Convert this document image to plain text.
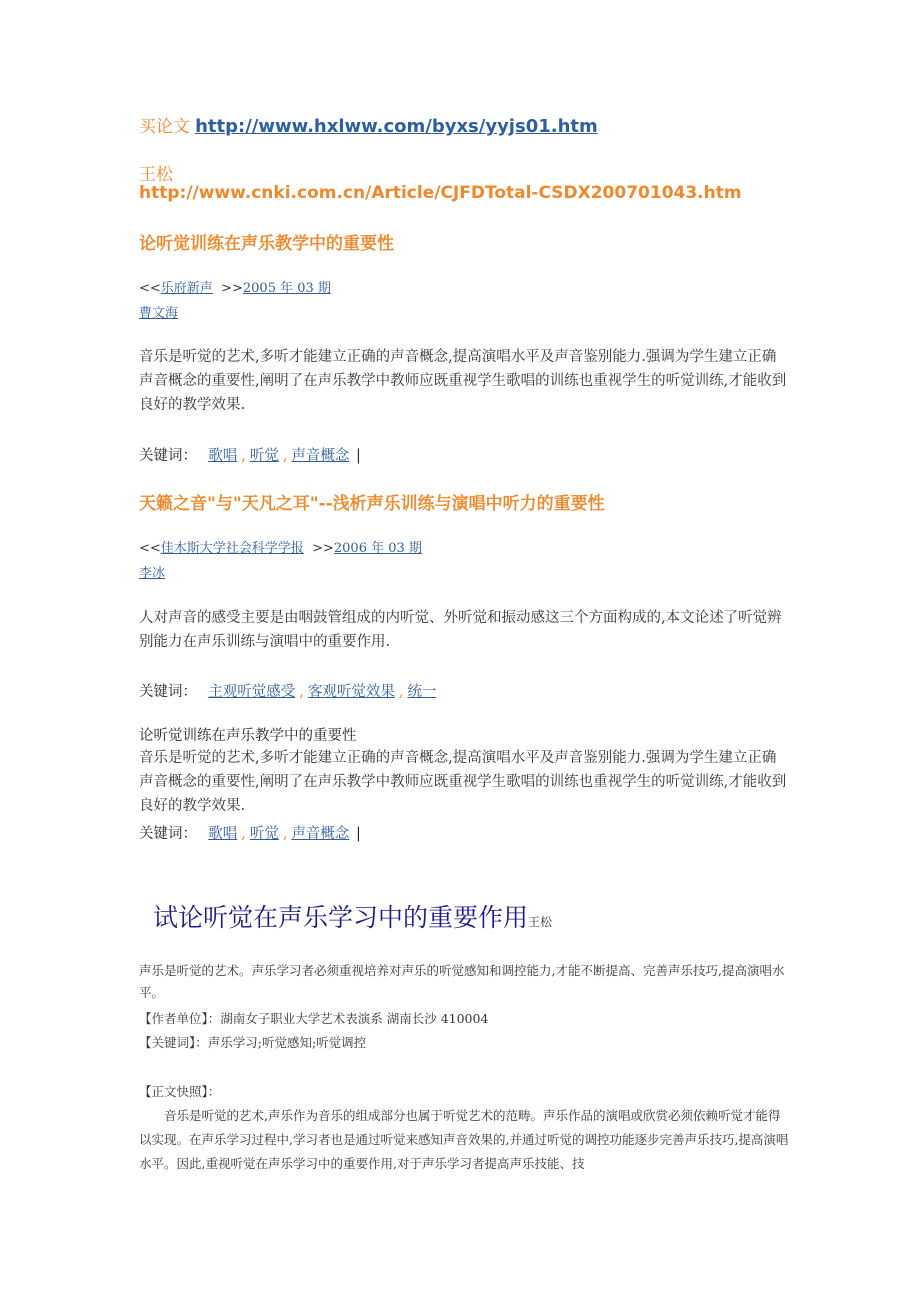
买论文 http://www.hxlww.com/byxs/yyjs01.htm
王松
http://www.cnki.com.cn/Article/CJFDTotal-CSDX200701043.htm
论听觉训练在声乐教学中的重要性
<<乐府新声 >>2005 年 03 期
曹文海
音乐是听觉的艺术,多听才能建立正确的声音概念,提高演唱水平及声音鉴别能力.强调为学生建立正确声音概念的重要性,阐明了在声乐教学中教师应既重视学生歌唱的训练也重视学生的听觉训练,才能收到良好的教学效果.
关键词： 歌唱 , 听觉 , 声音概念 |
天籁之音"与"天凡之耳"--浅析声乐训练与演唱中听力的重要性
<<佳木斯大学社会科学学报 >>2006 年 03 期
李冰
人对声音的感受主要是由咽鼓管组成的内听觉、外听觉和振动感这三个方面构成的,本文论述了听觉辨别能力在声乐训练与演唱中的重要作用.
关键词： 主观听觉感受 , 客观听觉效果 , 统一
论听觉训练在声乐教学中的重要性
音乐是听觉的艺术,多听才能建立正确的声音概念,提高演唱水平及声音鉴别能力.强调为学生建立正确声音概念的重要性,阐明了在声乐教学中教师应既重视学生歌唱的训练也重视学生的听觉训练,才能收到良好的教学效果.
关键词： 歌唱 , 听觉 , 声音概念 |
试论听觉在声乐学习中的重要作用王松
声乐是听觉的艺术。声乐学习者必须重视培养对声乐的听觉感知和调控能力,才能不断提高、完善声乐技巧,提高演唱水平。
【作者单位】：湖南女子职业大学艺术表演系 湖南长沙 410004
【关键词】：声乐学习;听觉感知;听觉调控
【正文快照】：
音乐是听觉的艺术,声乐作为音乐的组成部分也属于听觉艺术的范畴。声乐作品的演唱或欣赏必须依赖听觉才能得以实现。在声乐学习过程中,学习者也是通过听觉来感知声音效果的,并通过听觉的调控功能逐步完善声乐技巧,提高演唱水平。因此,重视听觉在声乐学习中的重要作用,对于声乐学习者提高声乐技能、技
